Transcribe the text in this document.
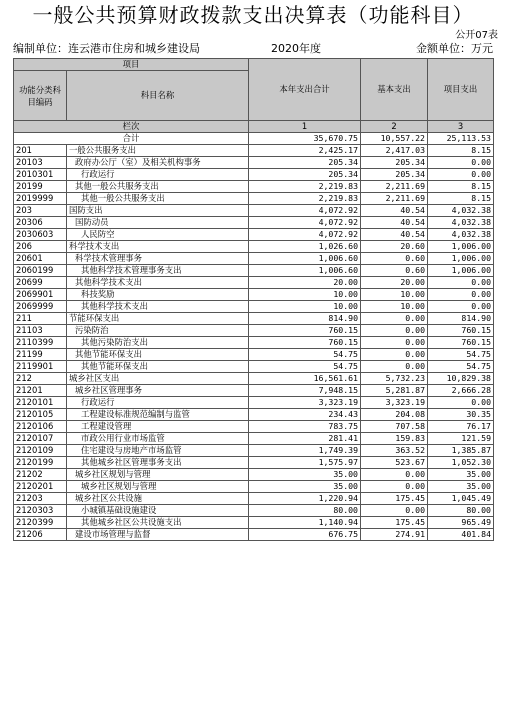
一般公共预算财政拨款支出决算表（功能科目）
公开07表
编制单位：连云港市住房和城乡建设局	2020年度	金额单位：万元
项目		本年支出合计	基本支出	项目支出
功能分类科目编码	科目名称			
栏次		1	2	3
合计		35,670.75	10,557.22	25,113.53
201	一般公共服务支出	2,425.17	2,417.03	8.15
20103	政府办公厅（室）及相关机构事务	205.34	205.34	0.00
2010301	行政运行	205.34	205.34	0.00
20199	其他一般公共服务支出	2,219.83	2,211.69	8.15
2019999	其他一般公共服务支出	2,219.83	2,211.69	8.15
203	国防支出	4,072.92	40.54	4,032.38
20306	国防动员	4,072.92	40.54	4,032.38
2030603	人民防空	4,072.92	40.54	4,032.38
206	科学技术支出	1,026.60	20.60	1,006.00
20601	科学技术管理事务	1,006.60	0.60	1,006.00
2060199	其他科学技术管理事务支出	1,006.60	0.60	1,006.00
20699	其他科学技术支出	20.00	20.00	0.00
2069901	科技奖励	10.00	10.00	0.00
2069999	其他科学技术支出	10.00	10.00	0.00
211	节能环保支出	814.90	0.00	814.90
21103	污染防治	760.15	0.00	760.15
2110399	其他污染防治支出	760.15	0.00	760.15
21199	其他节能环保支出	54.75	0.00	54.75
2119901	其他节能环保支出	54.75	0.00	54.75
212	城乡社区支出	16,561.61	5,732.23	10,829.38
21201	城乡社区管理事务	7,948.15	5,281.87	2,666.28
2120101	行政运行	3,323.19	3,323.19	0.00
2120105	工程建设标准规范编制与监管	234.43	204.08	30.35
2120106	工程建设管理	783.75	707.58	76.17
2120107	市政公用行业市场监管	281.41	159.83	121.59
2120109	住宅建设与房地产市场监管	1,749.39	363.52	1,385.87
2120199	其他城乡社区管理事务支出	1,575.97	523.67	1,052.30
21202	城乡社区规划与管理	35.00	0.00	35.00
2120201	城乡社区规划与管理	35.00	0.00	35.00
21203	城乡社区公共设施	1,220.94	175.45	1,045.49
2120303	小城镇基础设施建设	80.00	0.00	80.00
2120399	其他城乡社区公共设施支出	1,140.94	175.45	965.49
21206	建设市场管理与监督	676.75	274.91	401.84
